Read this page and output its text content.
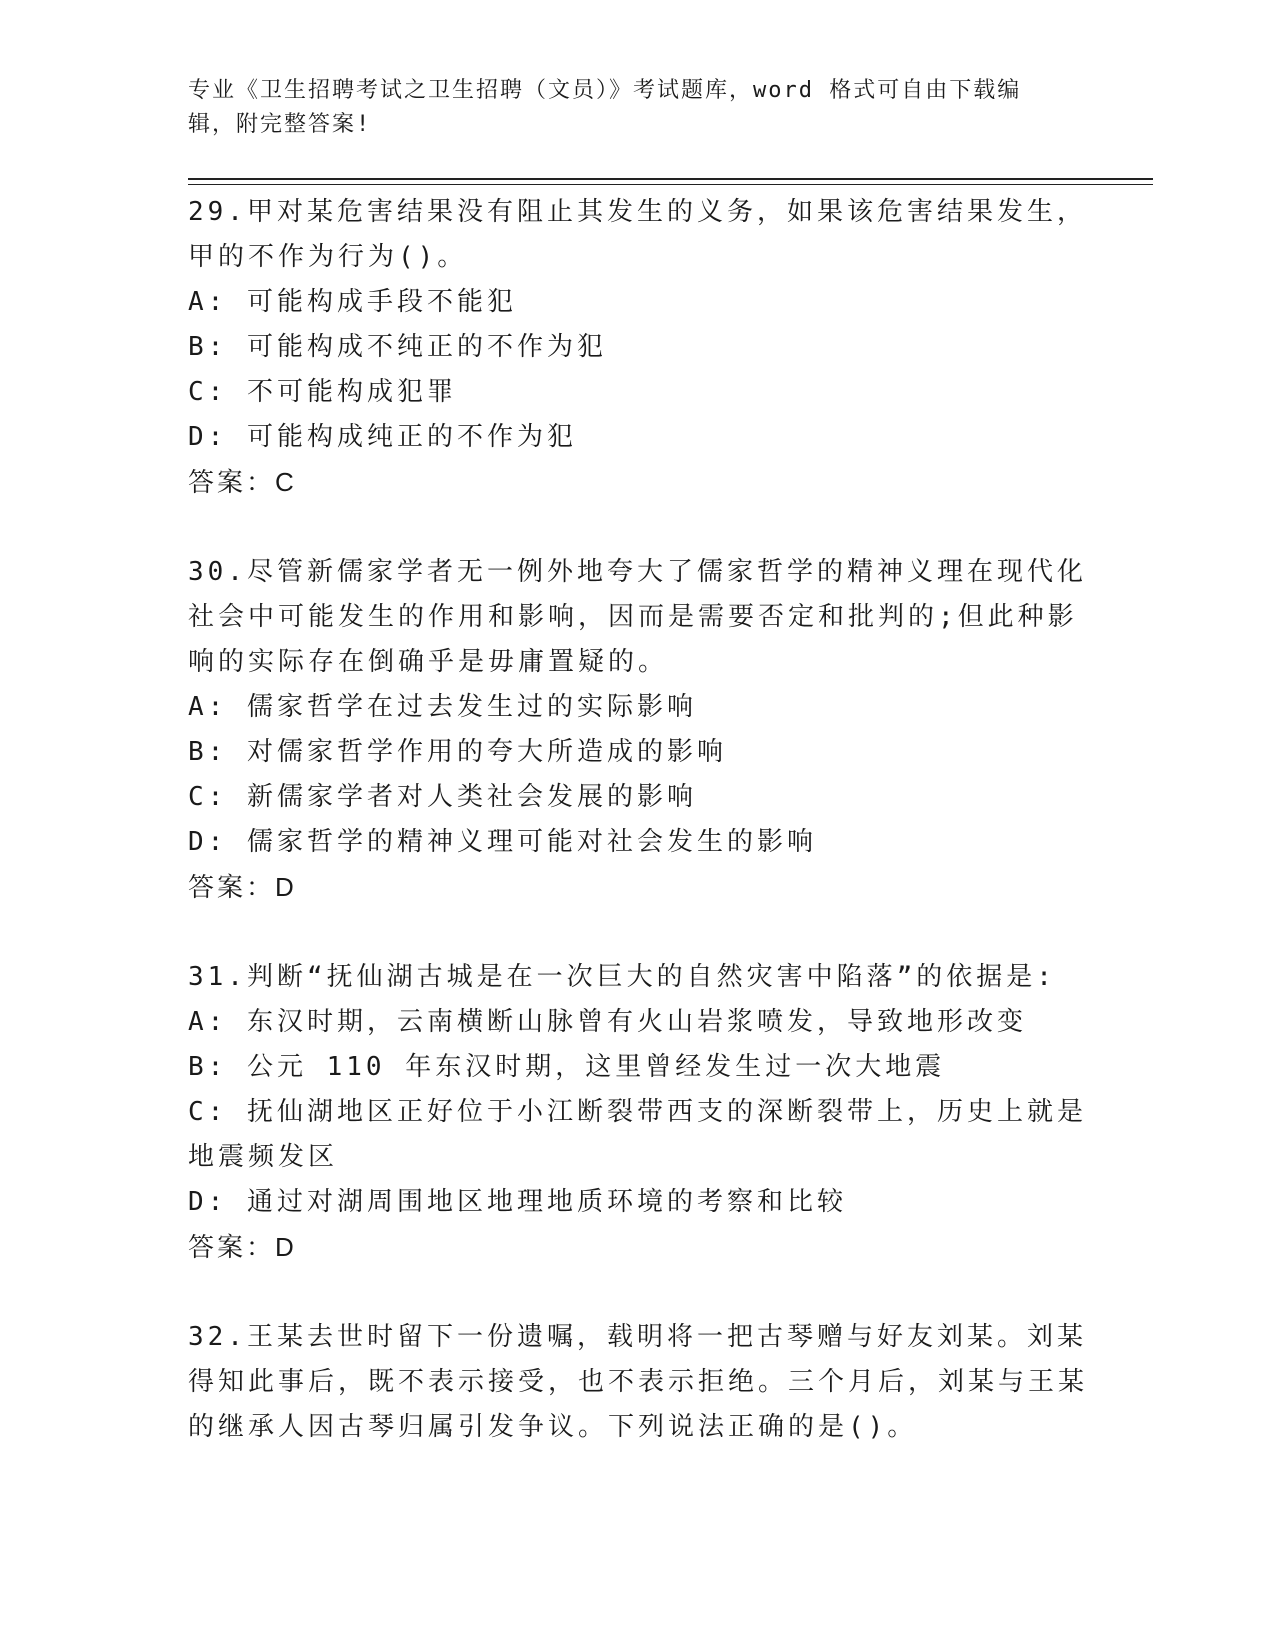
专业《卫生招聘考试之卫生招聘（文员）》考试题库，word 格式可自由下载编辑，附完整答案!
29.甲对某危害结果没有阻止其发生的义务，如果该危害结果发生，甲的不作为行为()。
A: 可能构成手段不能犯
B: 可能构成不纯正的不作为犯
C: 不可能构成犯罪
D: 可能构成纯正的不作为犯
答案：C
30.尽管新儒家学者无一例外地夸大了儒家哲学的精神义理在现代化社会中可能发生的作用和影响，因而是需要否定和批判的;但此种影响的实际存在倒确乎是毋庸置疑的。
A: 儒家哲学在过去发生过的实际影响
B: 对儒家哲学作用的夸大所造成的影响
C: 新儒家学者对人类社会发展的影响
D: 儒家哲学的精神义理可能对社会发生的影响
答案：D
31.判断“抚仙湖古城是在一次巨大的自然灾害中陷落”的依据是:
A: 东汉时期，云南横断山脉曾有火山岩浆喷发，导致地形改变
B: 公元 110 年东汉时期，这里曾经发生过一次大地震
C: 抚仙湖地区正好位于小江断裂带西支的深断裂带上，历史上就是地震频发区
D: 通过对湖周围地区地理地质环境的考察和比较
答案：D
32.王某去世时留下一份遗嘱，载明将一把古琴赠与好友刘某。刘某得知此事后，既不表示接受，也不表示拒绝。三个月后，刘某与王某的继承人因古琴归属引发争议。下列说法正确的是()。
